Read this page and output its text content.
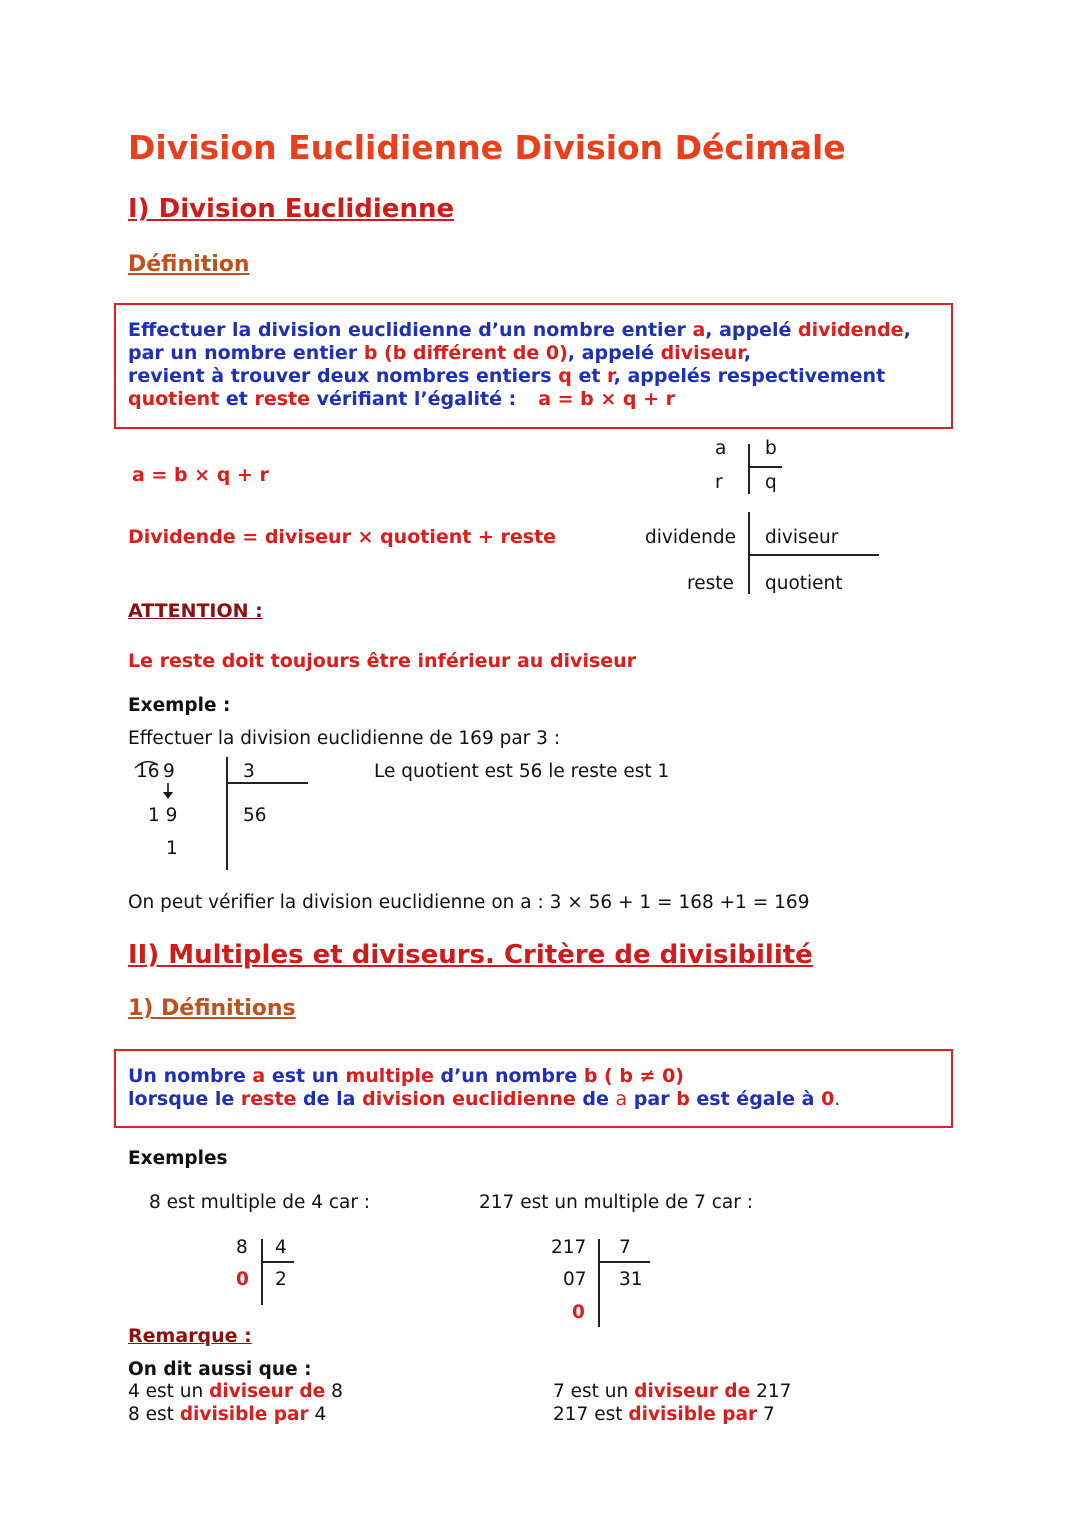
Division Euclidienne Division Décimale
I) Division Euclidienne
Définition
Effectuer la division euclidienne d’un nombre entier a, appelé dividende,
par un nombre entier b (b différent de 0), appelé diviseur,
revient à trouver deux nombres entiers q et r, appelés respectivement
quotient et reste vérifiant l’égalité : a = b × q + r
a = b × q + r
Dividende = diviseur × quotient + reste
a b
r q
dividende diviseur
reste quotient
ATTENTION :
Le reste doit toujours être inférieur au diviseur
Exemple :
Effectuer la division euclidienne de 169 par 3 :
16 9
1 9
1
3
56
Le quotient est 56 le reste est 1
On peut vérifier la division euclidienne on a : 3 × 56 + 1 = 168 +1 = 169
II) Multiples et diviseurs. Critère de divisibilité
1) Définitions
Un nombre a est un multiple d’un nombre b ( b ≠ 0)
lorsque le reste de la division euclidienne de a par b est égale à 0.
Exemples
8 est multiple de 4 car :
8 4
0 2
217 est un multiple de 7 car :
217 7
07 31
0
Remarque :
On dit aussi que :
4 est un diviseur de 8
8 est divisible par 4
7 est un diviseur de 217
217 est divisible par 7
